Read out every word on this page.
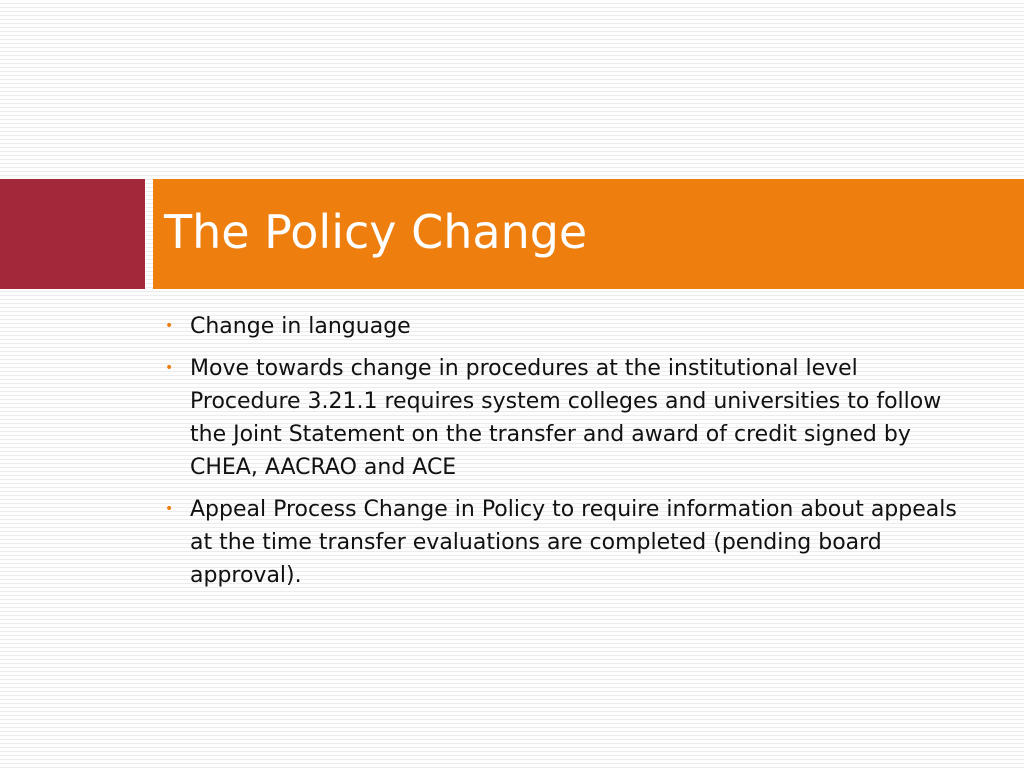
The Policy Change
• Change in language
• Move towards change in procedures at the institutional level Procedure 3.21.1 requires system colleges and universities to follow the Joint Statement on the transfer and award of credit signed by CHEA, AACRAO and ACE
• Appeal Process Change in Policy to require information about appeals at the time transfer evaluations are completed (pending board approval).
